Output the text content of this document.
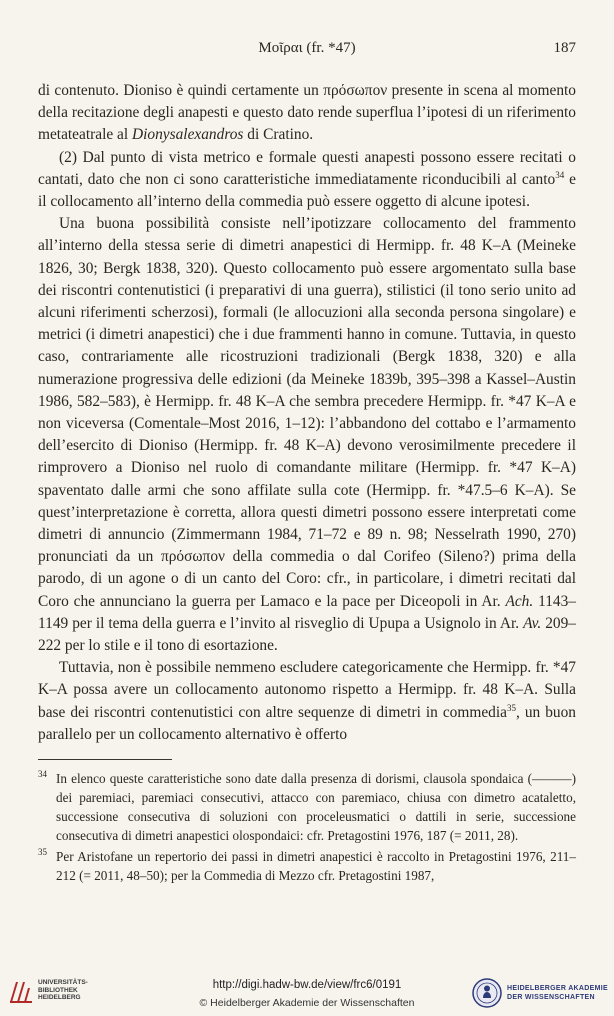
Μοῖραι (fr. *47)	187

di contenuto. Dioniso è quindi certamente un πρόσωπον presente in scena al momento della recitazione degli anapesti e questo dato rende superflua l’ipotesi di un riferimento metateatrale al Dionysalexandros di Cratino.

(2) Dal punto di vista metrico e formale questi anapesti possono essere recitati o cantati, dato che non ci sono caratteristiche immediatamente riconducibili al canto$^{34}$ e il collocamento all’interno della commedia può essere oggetto di alcune ipotesi.

Una buona possibilità consiste nell’ipotizzare collocamento del frammento all’interno della stessa serie di dimetri anapestici di Hermipp. fr. 48 K–A (Meineke 1826, 30; Bergk 1838, 320). Questo collocamento può essere argomentato sulla base dei riscontri contenutistici (i preparativi di una guerra), stilistici (il tono serio unito ad alcuni riferimenti scherzosi), formali (le allocuzioni alla seconda persona singolare) e metrici (i dimetri anapestici) che i due frammenti hanno in comune. Tuttavia, in questo caso, contrariamente alle ricostruzioni tradizionali (Bergk 1838, 320) e alla numerazione progressiva delle edizioni (da Meineke 1839b, 395–398 a Kassel–Austin 1986, 582–583), è Hermipp. fr. 48 K–A che sembra precedere Hermipp. fr. *47 K–A e non viceversa (Comentale–Most 2016, 1–12): l’abbandono del cottabo e l’armamento dell’esercito di Dioniso (Hermipp. fr. 48 K–A) devono verosimilmente precedere il rimprovero a Dioniso nel ruolo di comandante militare (Hermipp. fr. *47 K–A) spaventato dalle armi che sono affilate sulla cote (Hermipp. fr. *47.5–6 K–A). Se quest’interpretazione è corretta, allora questi dimetri possono essere interpretati come dimetri di annuncio (Zimmermann 1984, 71–72 e 89 n. 98; Nesselrath 1990, 270) pronunciati da un πρόσωπον della commedia o dal Corifeo (Sileno?) prima della parodo, di un agone o di un canto del Coro: cfr., in particolare, i dimetri recitati dal Coro che annunciano la guerra per Lamaco e la pace per Diceopoli in Ar. Ach. 1143–1149 per il tema della guerra e l’invito al risveglio di Upupa a Usignolo in Ar. Av. 209–222 per lo stile e il tono di esortazione.

Tuttavia, non è possibile nemmeno escludere categoricamente che Hermipp. fr. *47 K–A possa avere un collocamento autonomo rispetto a Hermipp. fr. 48 K–A. Sulla base dei riscontri contenutistici con altre sequenze di dimetri in commedia$^{35}$, un buon parallelo per un collocamento alternativo è offerto

34 In elenco queste caratteristiche sono date dalla presenza di dorismi, clausola spondaica (———) dei paremiaci, paremiaci consecutivi, attacco con paremiaco, chiusa con dimetro acataletto, successione consecutiva di soluzioni con proceleusmatici o dattili in serie, successione consecutiva di dimetri anapestici olospondaici: cfr. Pretagostini 1976, 187 (= 2011, 28).
35 Per Aristofane un repertorio dei passi in dimetri anapestici è raccolto in Pretagostini 1976, 211–212 (= 2011, 48–50); per la Commedia di Mezzo cfr. Pretagostini 1987,
UNIVERSITÄTS-
BIBLIOTHEK
HEIDELBERG
http://digi.hadw-bw.de/view/frc6/0191
© Heidelberger Akademie der Wissenschaften
HEIDELBERGER AKADEMIE
DER WISSENSCHAFTEN
